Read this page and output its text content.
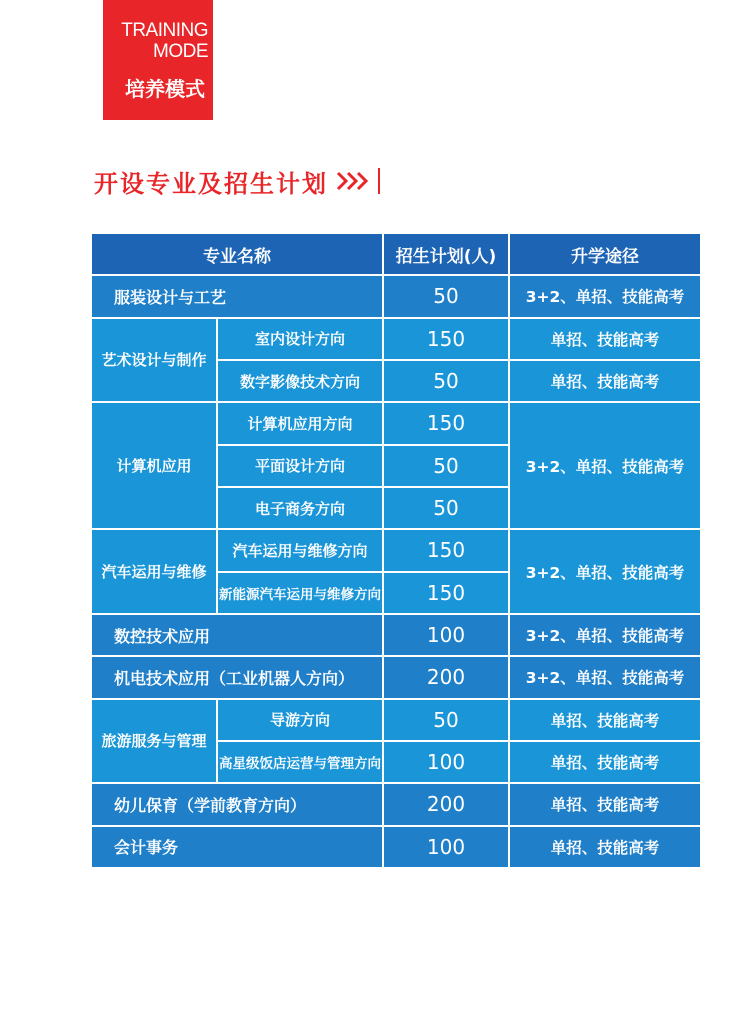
TRAINING
MODE
培养模式
开设专业及招生计划
专业名称		招生计划(人)	升学途径
服装设计与工艺		50	3+2、单招、技能高考
艺术设计与制作	室内设计方向	150	单招、技能高考
	数字影像技术方向	50	单招、技能高考
计算机应用	计算机应用方向	150	3+2、单招、技能高考
	平面设计方向	50	
	电子商务方向	50	
汽车运用与维修	汽车运用与维修方向	150	3+2、单招、技能高考
	新能源汽车运用与维修方向	150	
数控技术应用		100	3+2、单招、技能高考
机电技术应用（工业机器人方向）		200	3+2、单招、技能高考
旅游服务与管理	导游方向	50	单招、技能高考
	高星级饭店运营与管理方向	100	单招、技能高考
幼儿保育（学前教育方向）		200	单招、技能高考
会计事务		100	单招、技能高考
